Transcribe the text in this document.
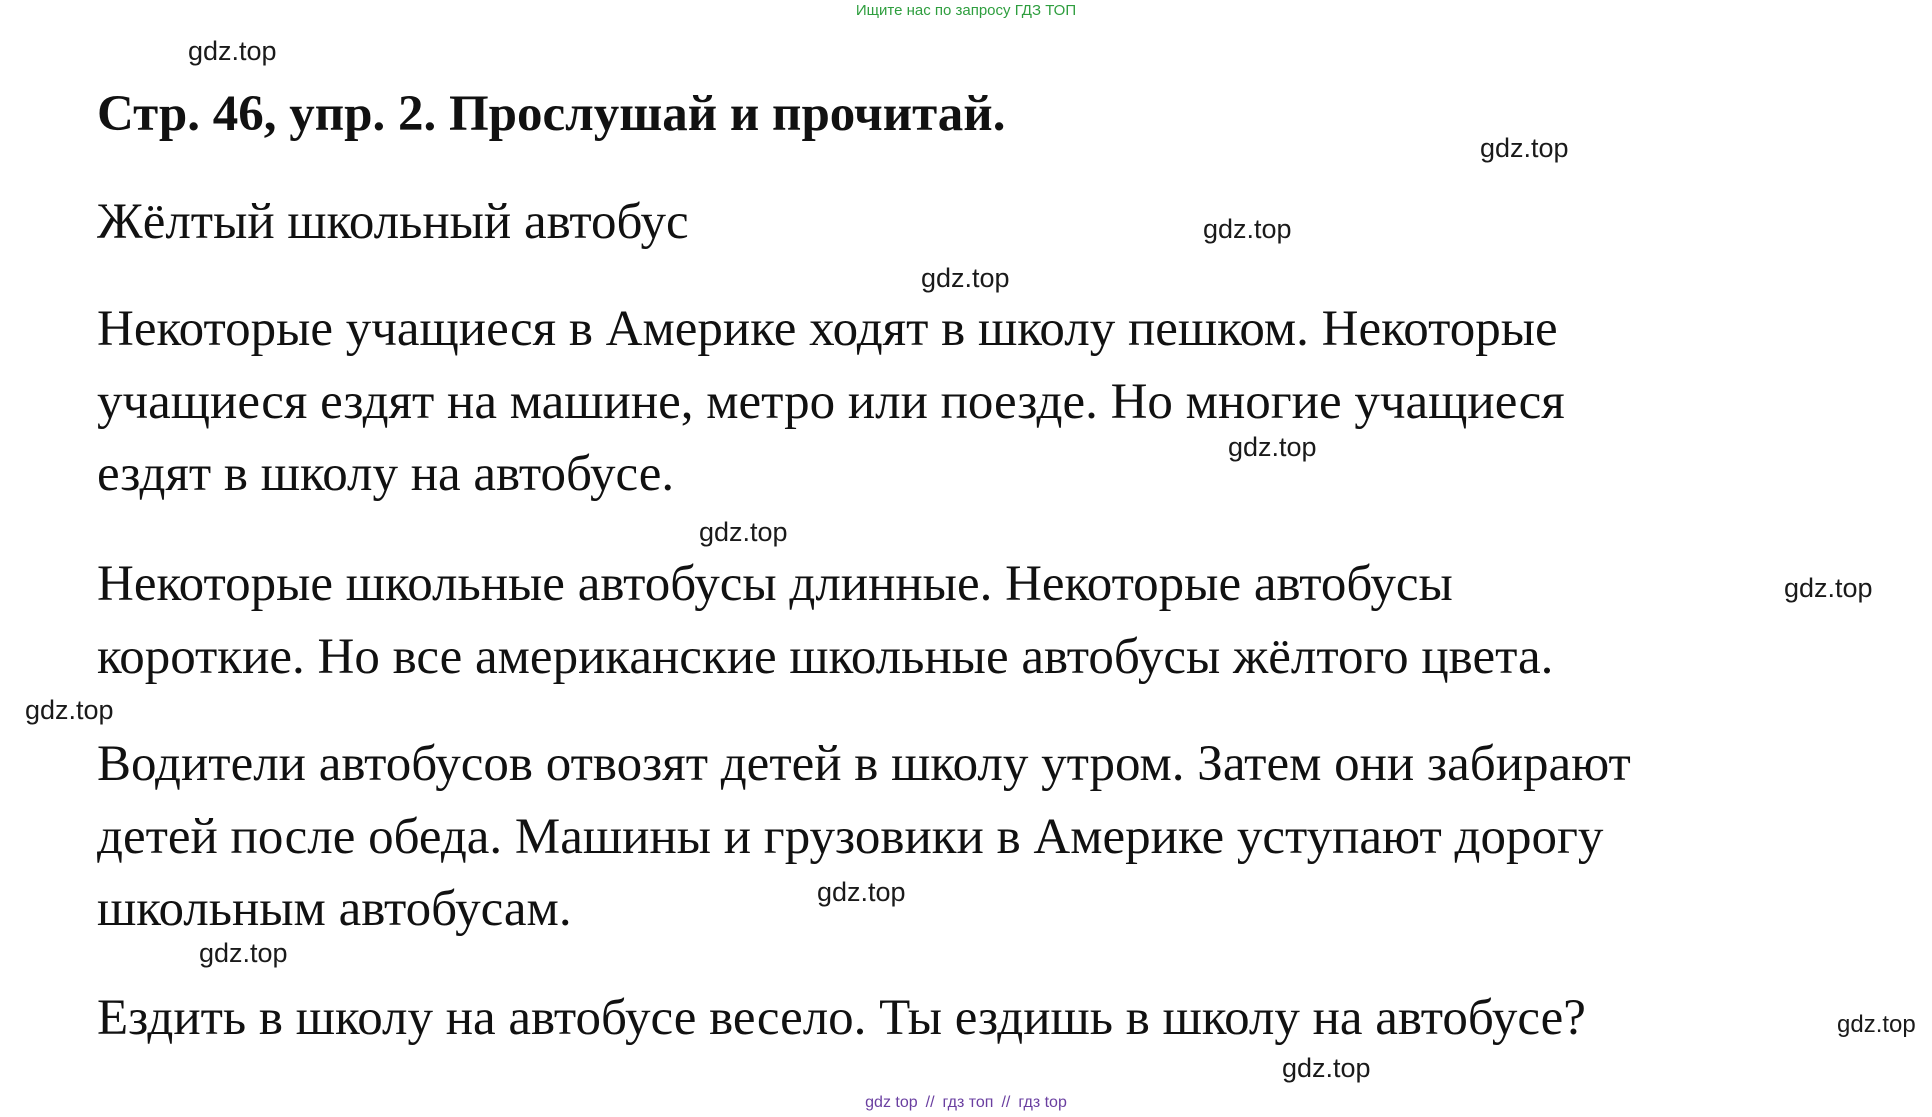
Ищите нас по запросу ГДЗ ТОП
Стр. 46, упр. 2. Прослушай и прочитай.

Жёлтый школьный автобус

Некоторые учащиеся в Америке ходят в школу пешком. Некоторые
учащиеся ездят на машине, метро или поезде. Но многие учащиеся
ездят в школу на автобусе.

Некоторые школьные автобусы длинные. Некоторые автобусы
короткие. Но все американские школьные автобусы жёлтого цвета.

Водители автобусов отвозят детей в школу утром. Затем они забирают
детей после обеда. Машины и грузовики в Америке уступают дорогу
школьным автобусам.

Ездить в школу на автобусе весело. Ты ездишь в школу на автобусе?

gdz.top
gdz.top
gdz.top
gdz.top
gdz.top
gdz.top
gdz.top
gdz.top
gdz.top
gdz.top
gdz.top
gdz.top
gdz top // гдз топ // гдз top
